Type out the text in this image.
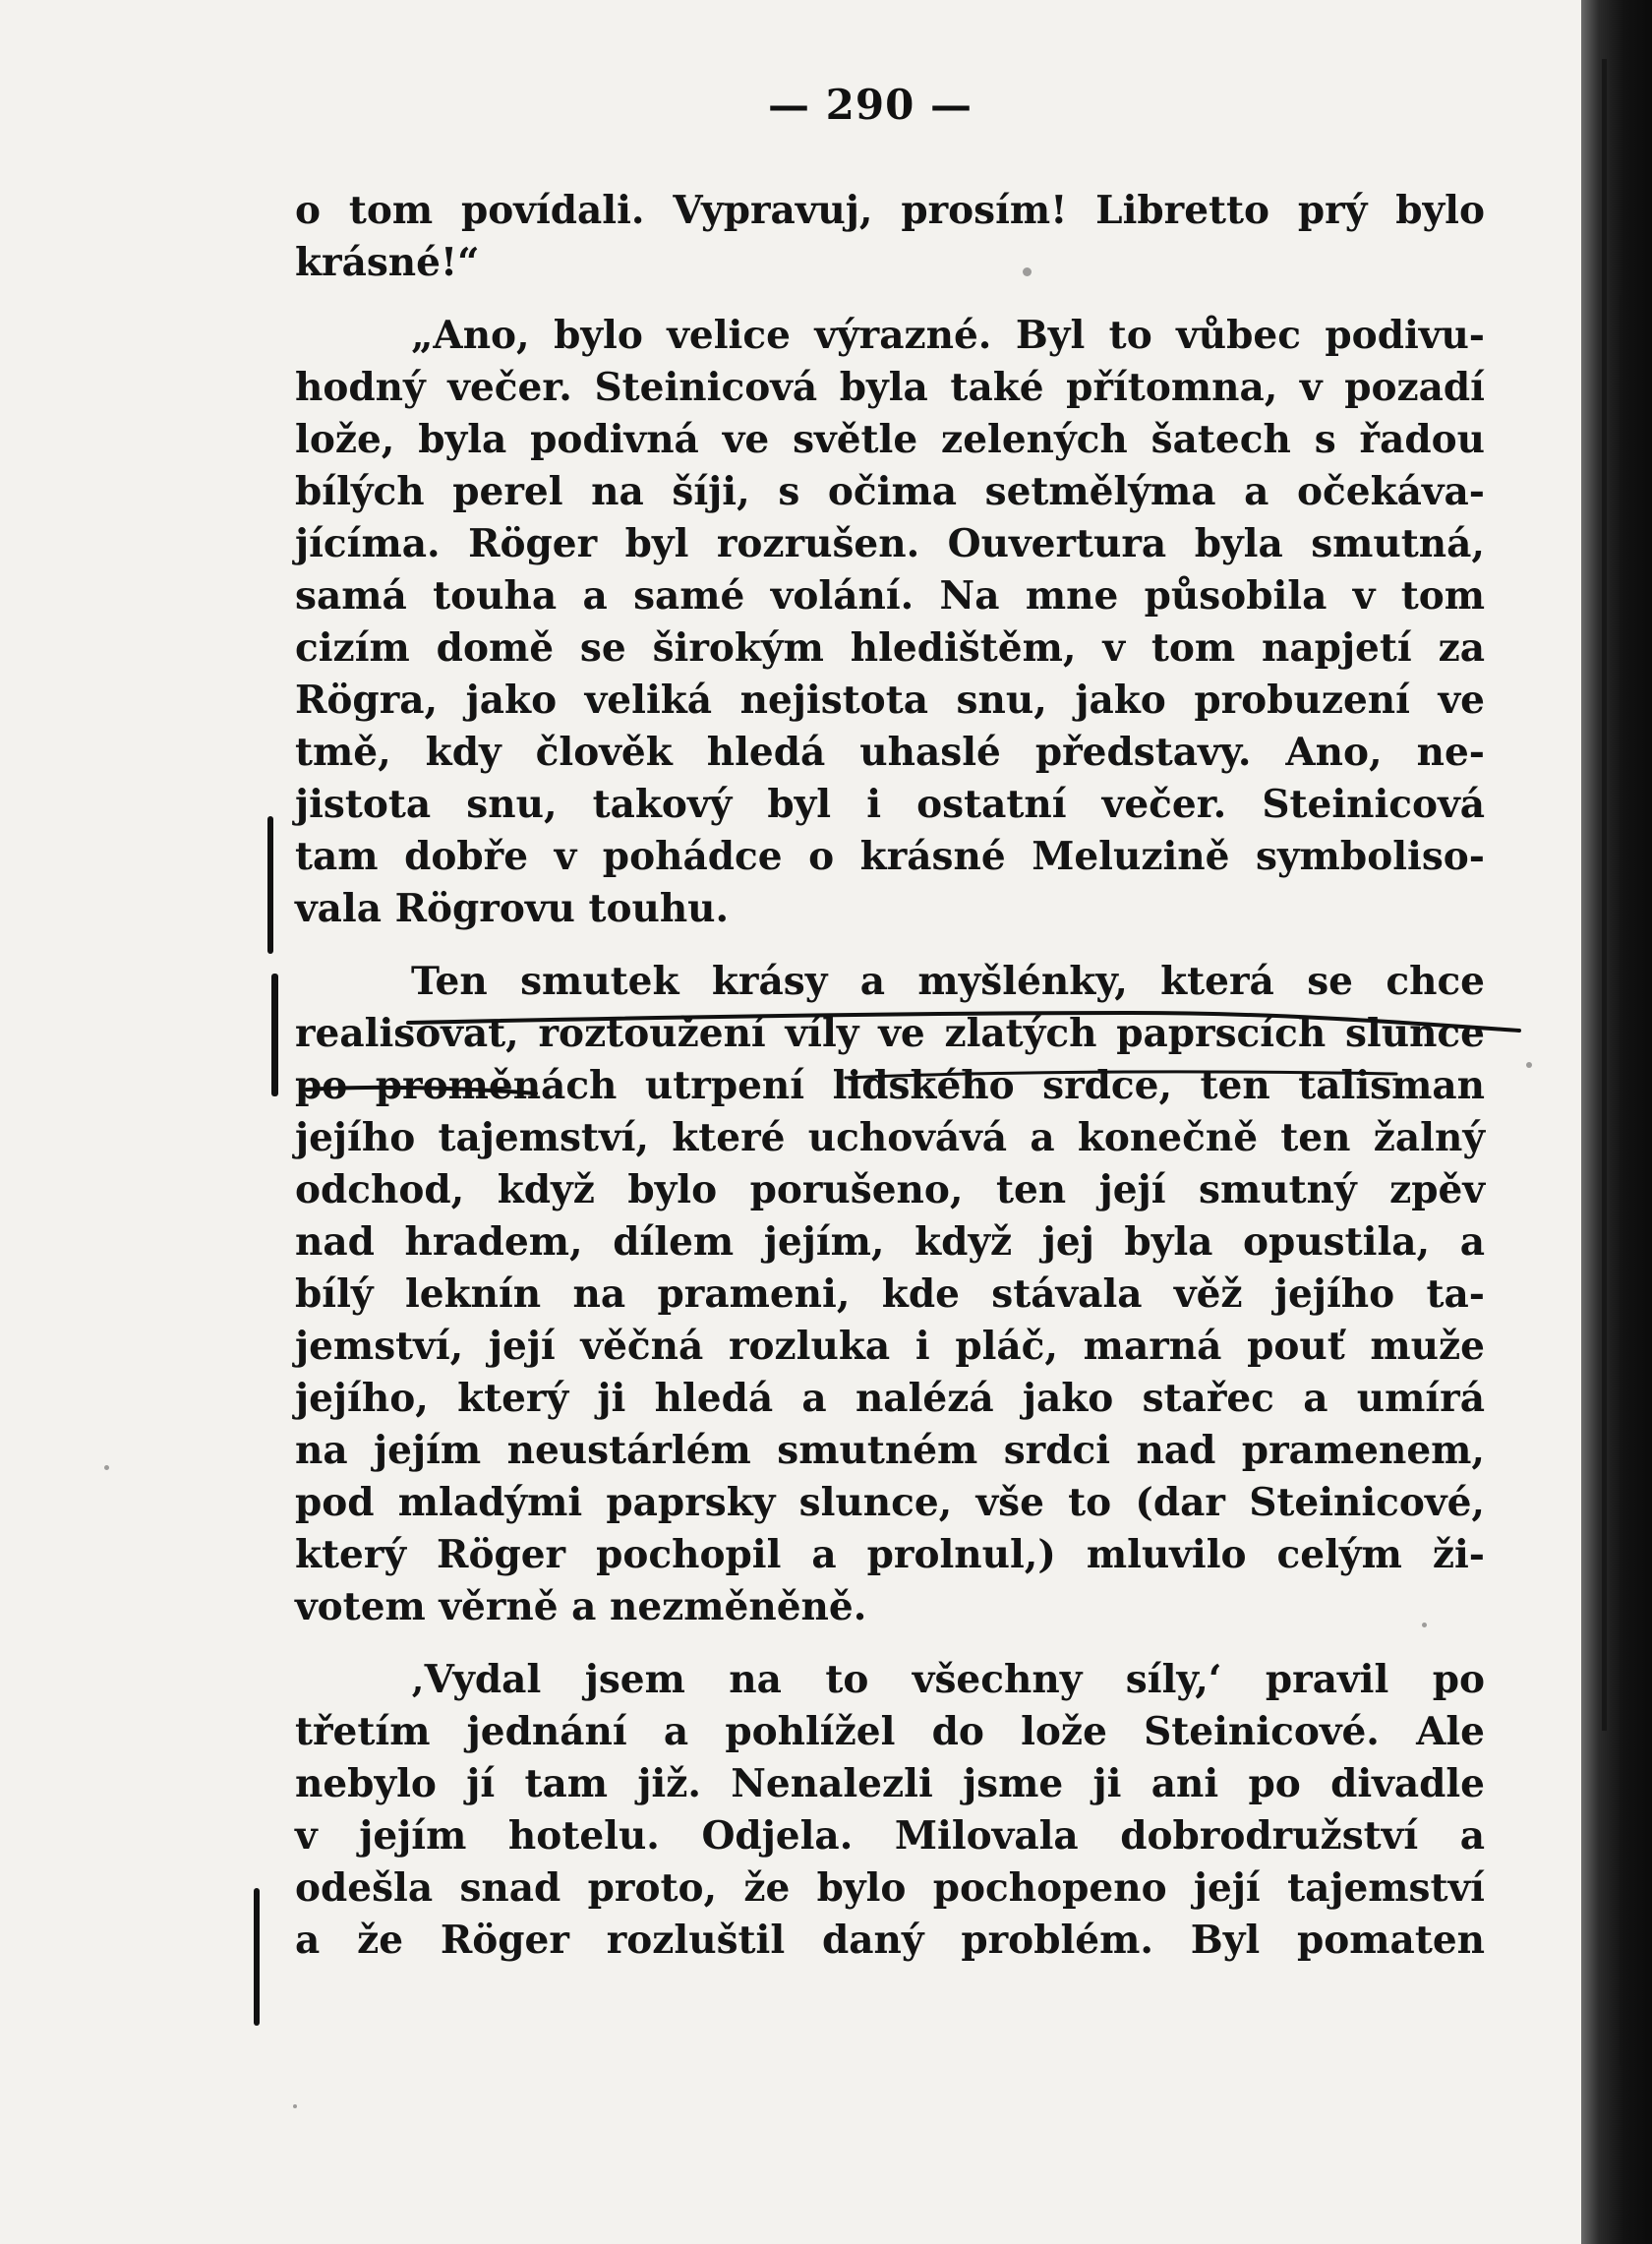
— 290 —

o tom povídali. Vypravuj, prosím! Libretto prý bylo
krásné!“

„Ano, bylo velice výrazné. Byl to vůbec podivu-
hodný večer. Steinicová byla také přítomna, v pozadí
lože, byla podivná ve světle zelených šatech s řadou
bílých perel na šíji, s očima setmělýma a očekáva-
jícíma. Röger byl rozrušen. Ouvertura byla smutná,
samá touha a samé volání. Na mne působila v tom
cizím domě se širokým hledištěm, v tom napjetí za
Rögra, jako veliká nejistota snu, jako probuzení ve
tmě, kdy člověk hledá uhaslé představy. Ano, ne-
jistota snu, takový byl i ostatní večer. Steinicová
tam dobře v pohádce o krásné Meluzině symboliso-
vala Rögrovu touhu.

Ten smutek krásy a myšlénky, která se chce
realisovat, roztoužení víly ve zlatých paprscích slunce
po proměnách utrpení lidského srdce, ten talisman
jejího tajemství, které uchovává a konečně ten žalný
odchod, když bylo porušeno, ten její smutný zpěv
nad hradem, dílem jejím, když jej byla opustila, a
bílý leknín na prameni, kde stávala věž jejího ta-
jemství, její věčná rozluka i pláč, marná pouť muže
jejího, který ji hledá a nalézá jako stařec a umírá
na jejím neustárlém smutném srdci nad pramenem,
pod mladými paprsky slunce, vše to (dar Steinicové,
který Röger pochopil a prolnul,) mluvilo celým ži-
votem věrně a nezměněně.

‚Vydal jsem na to všechny síly,‘ pravil po
třetím jednání a pohlížel do lože Steinicové. Ale
nebylo jí tam již. Nenalezli jsme ji ani po divadle
v jejím hotelu. Odjela. Milovala dobrodružství a
odešla snad proto, že bylo pochopeno její tajemství
a že Röger rozluštil daný problém. Byl pomaten
